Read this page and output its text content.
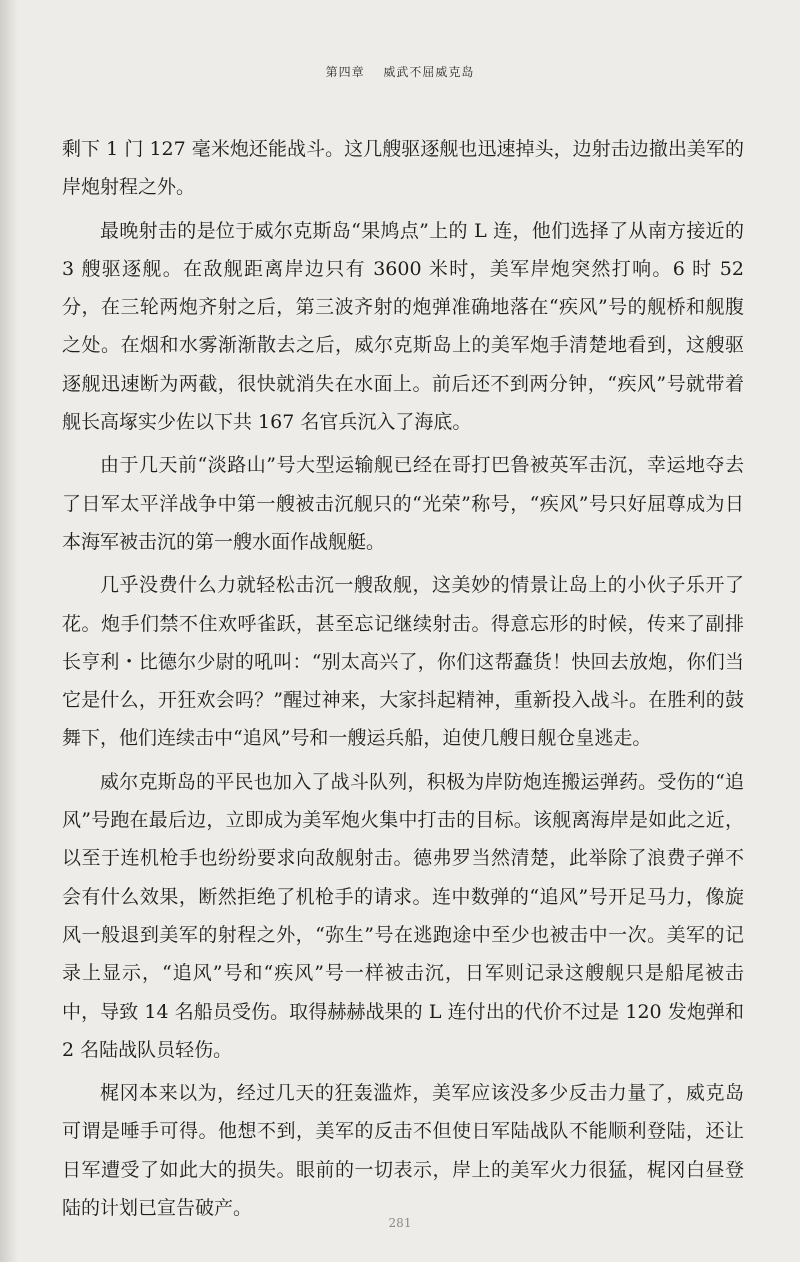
第四章 威武不屈威克岛

剩下 1 门 127 毫米炮还能战斗。这几艘驱逐舰也迅速掉头，边射击边撤出美军的岸炮射程之外。

最晚射击的是位于威尔克斯岛“果鸠点”上的 L 连，他们选择了从南方接近的 3 艘驱逐舰。在敌舰距离岸边只有 3600 米时，美军岸炮突然打响。6 时 52 分，在三轮两炮齐射之后，第三波齐射的炮弹准确地落在“疾风”号的舰桥和舰腹之处。在烟和水雾渐渐散去之后，威尔克斯岛上的美军炮手清楚地看到，这艘驱逐舰迅速断为两截，很快就消失在水面上。前后还不到两分钟，“疾风”号就带着舰长高塚实少佐以下共 167 名官兵沉入了海底。

由于几天前“淡路山”号大型运输舰已经在哥打巴鲁被英军击沉，幸运地夺去了日军太平洋战争中第一艘被击沉舰只的“光荣”称号，“疾风”号只好屈尊成为日本海军被击沉的第一艘水面作战舰艇。

几乎没费什么力就轻松击沉一艘敌舰，这美妙的情景让岛上的小伙子乐开了花。炮手们禁不住欢呼雀跃，甚至忘记继续射击。得意忘形的时候，传来了副排长亨利・比德尔少尉的吼叫：“别太高兴了，你们这帮蠢货！快回去放炮，你们当它是什么，开狂欢会吗？”醒过神来，大家抖起精神，重新投入战斗。在胜利的鼓舞下，他们连续击中“追风”号和一艘运兵船，迫使几艘日舰仓皇逃走。

威尔克斯岛的平民也加入了战斗队列，积极为岸防炮连搬运弹药。受伤的“追风”号跑在最后边，立即成为美军炮火集中打击的目标。该舰离海岸是如此之近，以至于连机枪手也纷纷要求向敌舰射击。德弗罗当然清楚，此举除了浪费子弹不会有什么效果，断然拒绝了机枪手的请求。连中数弹的“追风”号开足马力，像旋风一般退到美军的射程之外，“弥生”号在逃跑途中至少也被击中一次。美军的记录上显示，“追风”号和“疾风”号一样被击沉，日军则记录这艘舰只是船尾被击中，导致 14 名船员受伤。取得赫赫战果的 L 连付出的代价不过是 120 发炮弹和 2 名陆战队员轻伤。

梶冈本来以为，经过几天的狂轰滥炸，美军应该没多少反击力量了，威克岛可谓是唾手可得。他想不到，美军的反击不但使日军陆战队不能顺利登陆，还让日军遭受了如此大的损失。眼前的一切表示，岸上的美军火力很猛，梶冈白昼登陆的计划已宣告破产。

281
